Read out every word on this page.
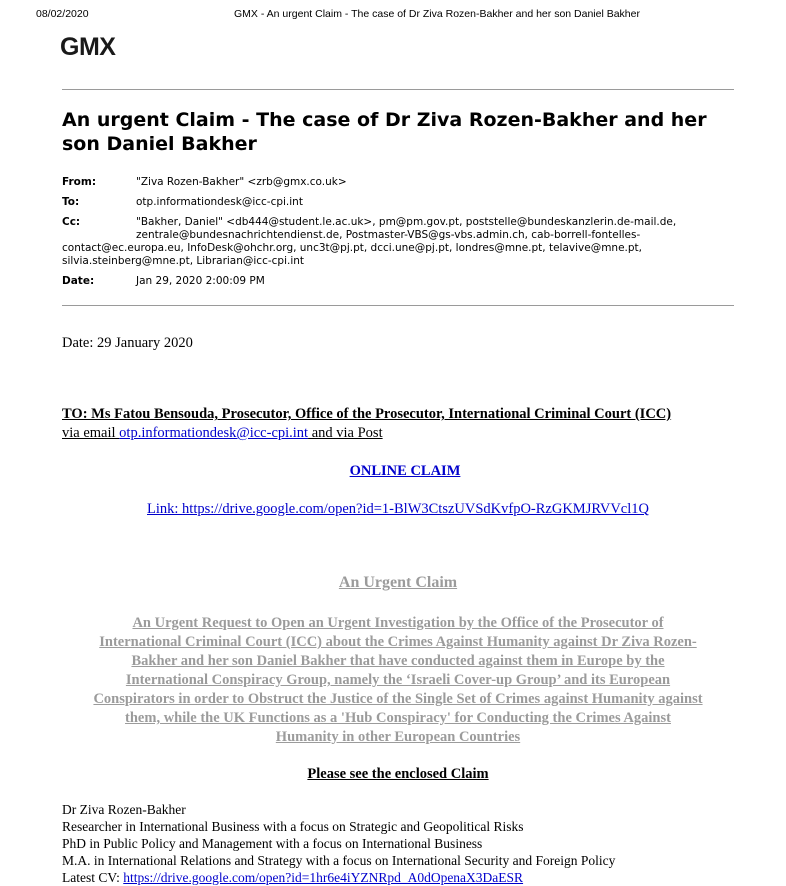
08/02/2020	GMX - An urgent Claim - The case of Dr Ziva Rozen-Bakher and her son Daniel Bakher
GMX
An urgent Claim - The case of Dr Ziva Rozen-Bakher and her
son Daniel Bakher
From:	"Ziva Rozen-Bakher" <zrb@gmx.co.uk>
To:	otp.informationdesk@icc-cpi.int
Cc:	"Bakher, Daniel" <db444@student.le.ac.uk>, pm@pm.gov.pt, poststelle@bundeskanzlerin.de-mail.de,
zentrale@bundesnachrichtendienst.de, Postmaster-VBS@gs-vbs.admin.ch, cab-borrell-fontelles-
contact@ec.europa.eu, InfoDesk@ohchr.org, unc3t@pj.pt, dcci.une@pj.pt, londres@mne.pt, telavive@mne.pt,
silvia.steinberg@mne.pt, Librarian@icc-cpi.int
Date:	Jan 29, 2020 2:00:09 PM
Date: 29 January 2020
TO: Ms Fatou Bensouda, Prosecutor, Office of the Prosecutor, International Criminal Court (ICC)
via email otp.informationdesk@icc-cpi.int and via Post
ONLINE CLAIM
Link: https://drive.google.com/open?id=1-BlW3CtszUVSdKvfpO-RzGKMJRVVcl1Q
An Urgent Claim
An Urgent Request to Open an Urgent Investigation by the Office of the Prosecutor of
International Criminal Court (ICC) about the Crimes Against Humanity against Dr Ziva Rozen-
Bakher and her son Daniel Bakher that have conducted against them in Europe by the
International Conspiracy Group, namely the ‘Israeli Cover-up Group’ and its European
Conspirators in order to Obstruct the Justice of the Single Set of Crimes against Humanity against
them, while the UK Functions as a 'Hub Conspiracy' for Conducting the Crimes Against
Humanity in other European Countries
Please see the enclosed Claim
Dr Ziva Rozen-Bakher
Researcher in International Business with a focus on Strategic and Geopolitical Risks
PhD in Public Policy and Management with a focus on International Business
M.A. in International Relations and Strategy with a focus on International Security and Foreign Policy
Latest CV: https://drive.google.com/open?id=1hr6e4iYZNRpd_A0dOpenaX3DaESR
